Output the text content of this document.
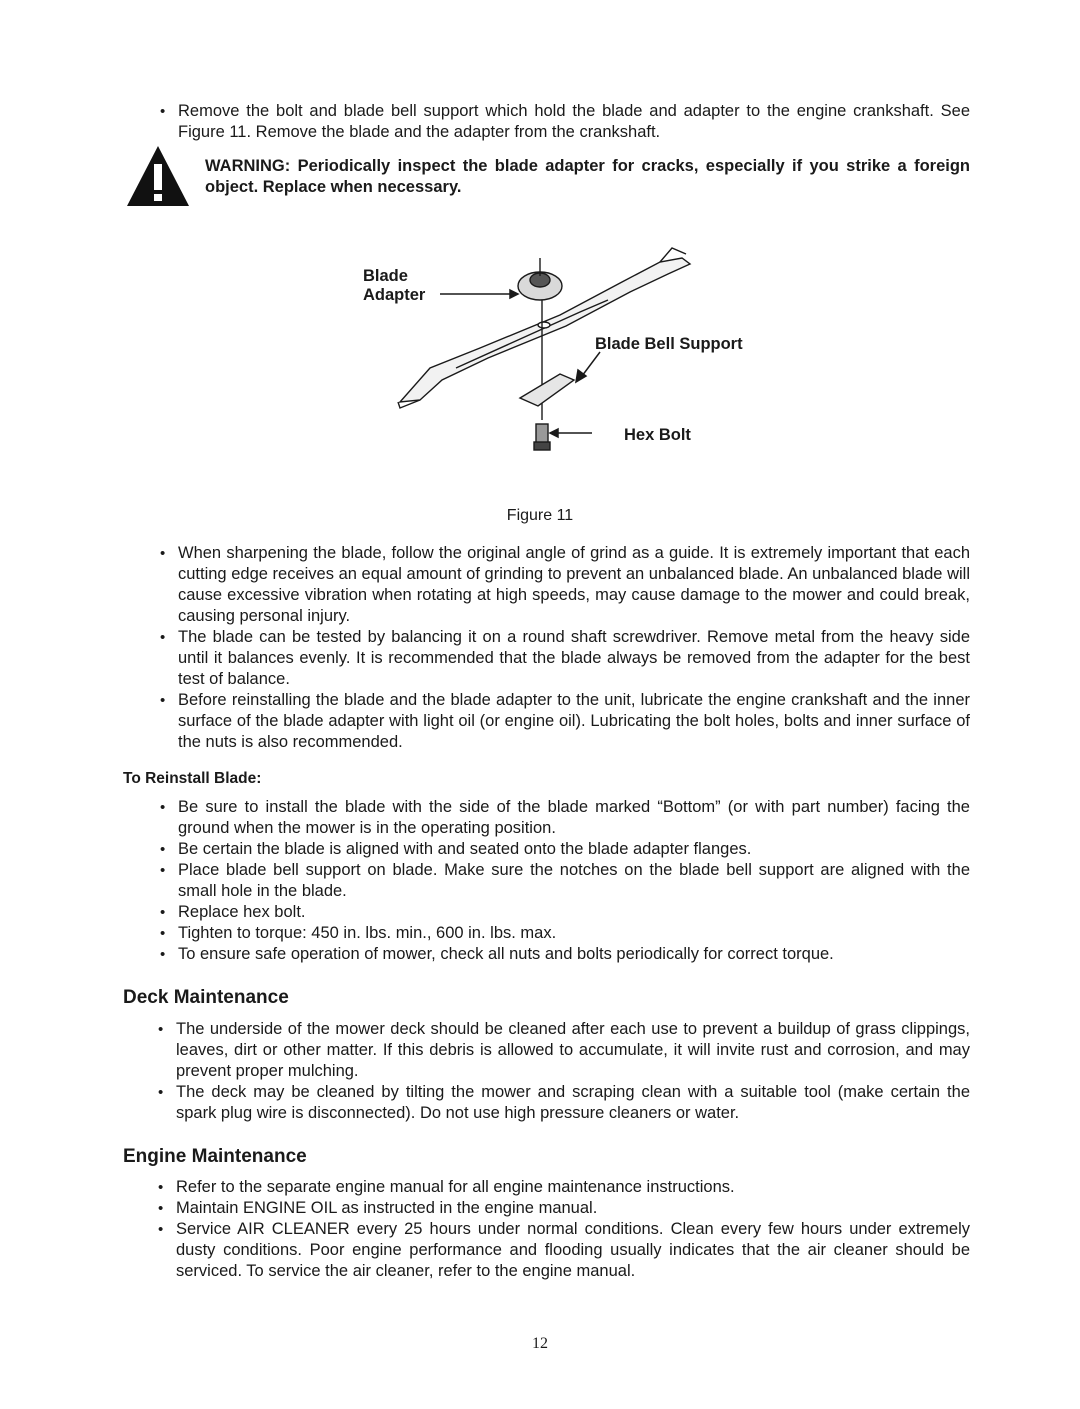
• Remove the bolt and blade bell support which hold the blade and adapter to the engine crankshaft. See Figure 11. Remove the blade and the adapter from the crankshaft.
WARNING: Periodically inspect the blade adapter for cracks, especially if you strike a foreign object. Replace when necessary.
Blade
Adapter
Blade Bell Support
Hex Bolt
Figure 11
• When sharpening the blade, follow the original angle of grind as a guide. It is extremely important that each cutting edge receives an equal amount of grinding to prevent an unbalanced blade. An unbalanced blade will cause excessive vibration when rotating at high speeds, may cause damage to the mower and could break, causing personal injury.
• The blade can be tested by balancing it on a round shaft screwdriver. Remove metal from the heavy side until it balances evenly. It is recommended that the blade always be removed from the adapter for the best test of balance.
• Before reinstalling the blade and the blade adapter to the unit, lubricate the engine crankshaft and the inner surface of the blade adapter with light oil (or engine oil). Lubricating the bolt holes, bolts and inner surface of the nuts is also recommended.
To Reinstall Blade:
• Be sure to install the blade with the side of the blade marked “Bottom” (or with part number) facing the ground when the mower is in the operating position.
• Be certain the blade is aligned with and seated onto the blade adapter flanges.
• Place blade bell support on blade. Make sure the notches on the blade bell support are aligned with the small hole in the blade.
• Replace hex bolt.
• Tighten to torque: 450 in. lbs. min., 600 in. lbs. max.
• To ensure safe operation of mower, check all nuts and bolts periodically for correct torque.
Deck Maintenance
• The underside of the mower deck should be cleaned after each use to prevent a buildup of grass clippings, leaves, dirt or other matter. If this debris is allowed to accumulate, it will invite rust and corrosion, and may prevent proper mulching.
• The deck may be cleaned by tilting the mower and scraping clean with a suitable tool (make certain the spark plug wire is disconnected). Do not use high pressure cleaners or water.
Engine Maintenance
• Refer to the separate engine manual for all engine maintenance instructions.
• Maintain ENGINE OIL as instructed in the engine manual.
• Service AIR CLEANER every 25 hours under normal conditions. Clean every few hours under extremely dusty conditions. Poor engine performance and flooding usually indicates that the air cleaner should be serviced. To service the air cleaner, refer to the engine manual.
12
